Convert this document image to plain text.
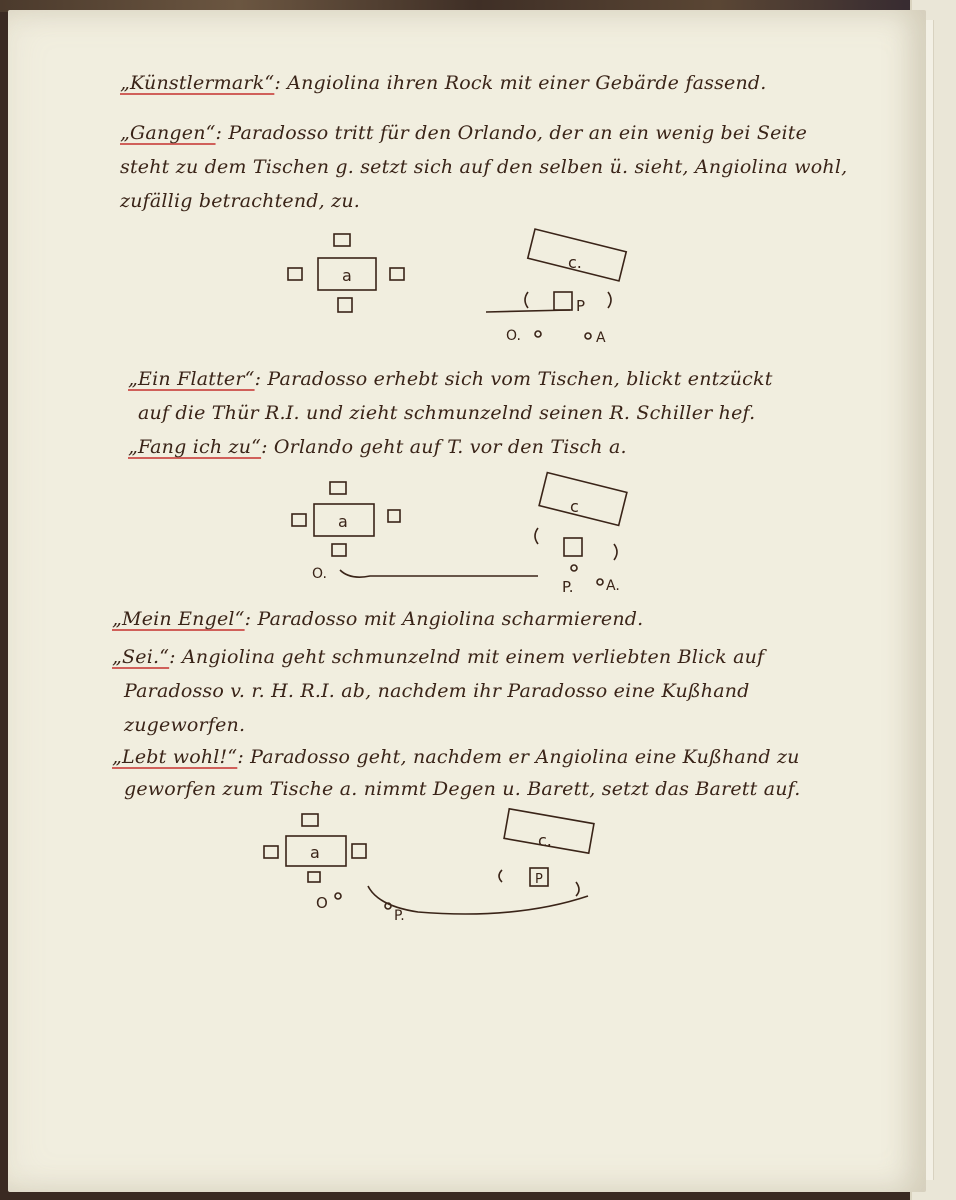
„Künstlermark“: Angiolina ihren Rock mit einer Gebärde fassend.

„Gangen“: Paradosso tritt für den Orlando, der an ein wenig bei Seite

steht zu dem Tischen g. setzt sich auf den selben ü. sieht, Angiolina wohl,

zufällig betrachtend, zu.

a
c.
P
O.	A

„Ein Flatter“: Paradosso erhebt sich vom Tischen, blickt entzückt

auf die Thür R.I. und zieht schmunzelnd seinen R. Schiller hef.

„Fang ich zu“: Orlando geht auf T. vor den Tisch a.

a
c
P.
O.
A.

„Mein Engel“: Paradosso mit Angiolina scharmierend.

„Sei.“: Angiolina geht schmunzelnd mit einem verliebten Blick auf

Paradosso v. r. H. R.I. ab, nachdem ihr Paradosso eine Kußhand

zugeworfen.

„Lebt wohl!“: Paradosso geht, nachdem er Angiolina eine Kußhand zu

geworfen zum Tische a. nimmt Degen u. Barett, setzt das Barett auf.

a
c.
P
O
P.
